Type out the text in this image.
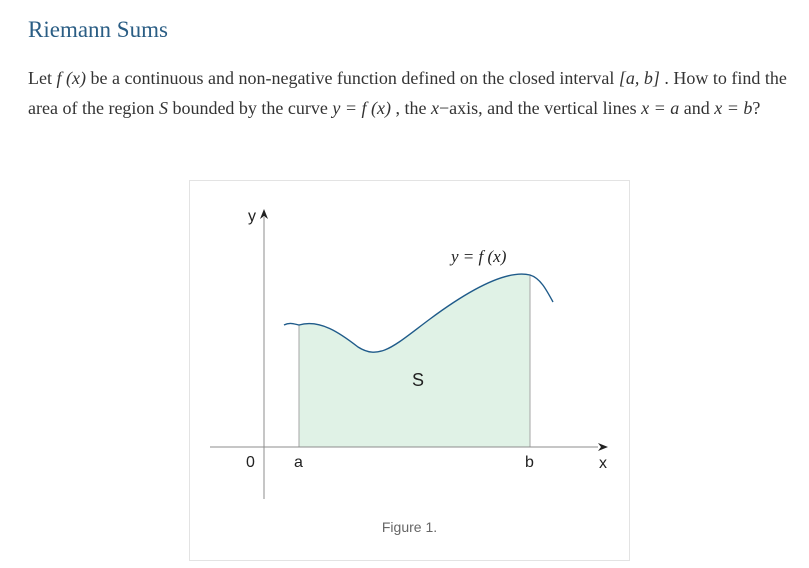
Riemann Sums
Let f (x) be a continuous and non-negative function defined on the closed interval [a, b] . How to find the area of the region S bounded by the curve y = f (x) , the x−axis, and the vertical lines x = a and x = b?
y
x
0 a	b
S
y = f (x)
Figure 1.
